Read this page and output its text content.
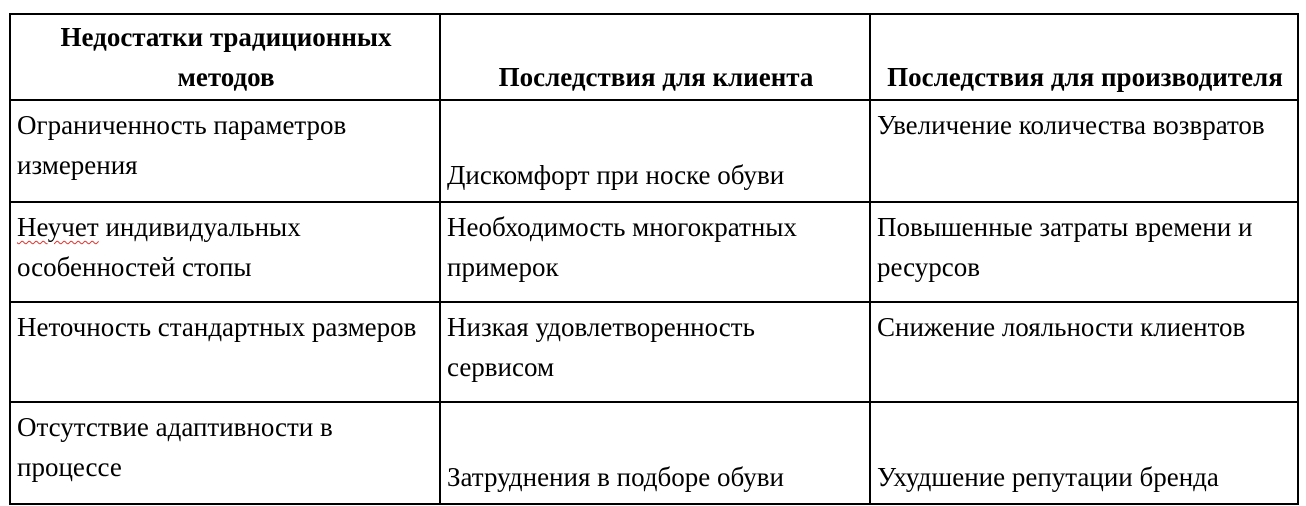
Недостатки традиционных методов	Последствия для клиента	Последствия для производителя
Ограниченность параметров измерения	Дискомфорт при носке обуви	Увеличение количества возвратов
Неучет индивидуальных особенностей стопы	Необходимость многократных примерок	Повышенные затраты времени и ресурсов
Неточность стандартных размеров	Низкая удовлетворенность сервисом	Снижение лояльности клиентов
Отсутствие адаптивности в процессе	Затруднения в подборе обуви	Ухудшение репутации бренда
